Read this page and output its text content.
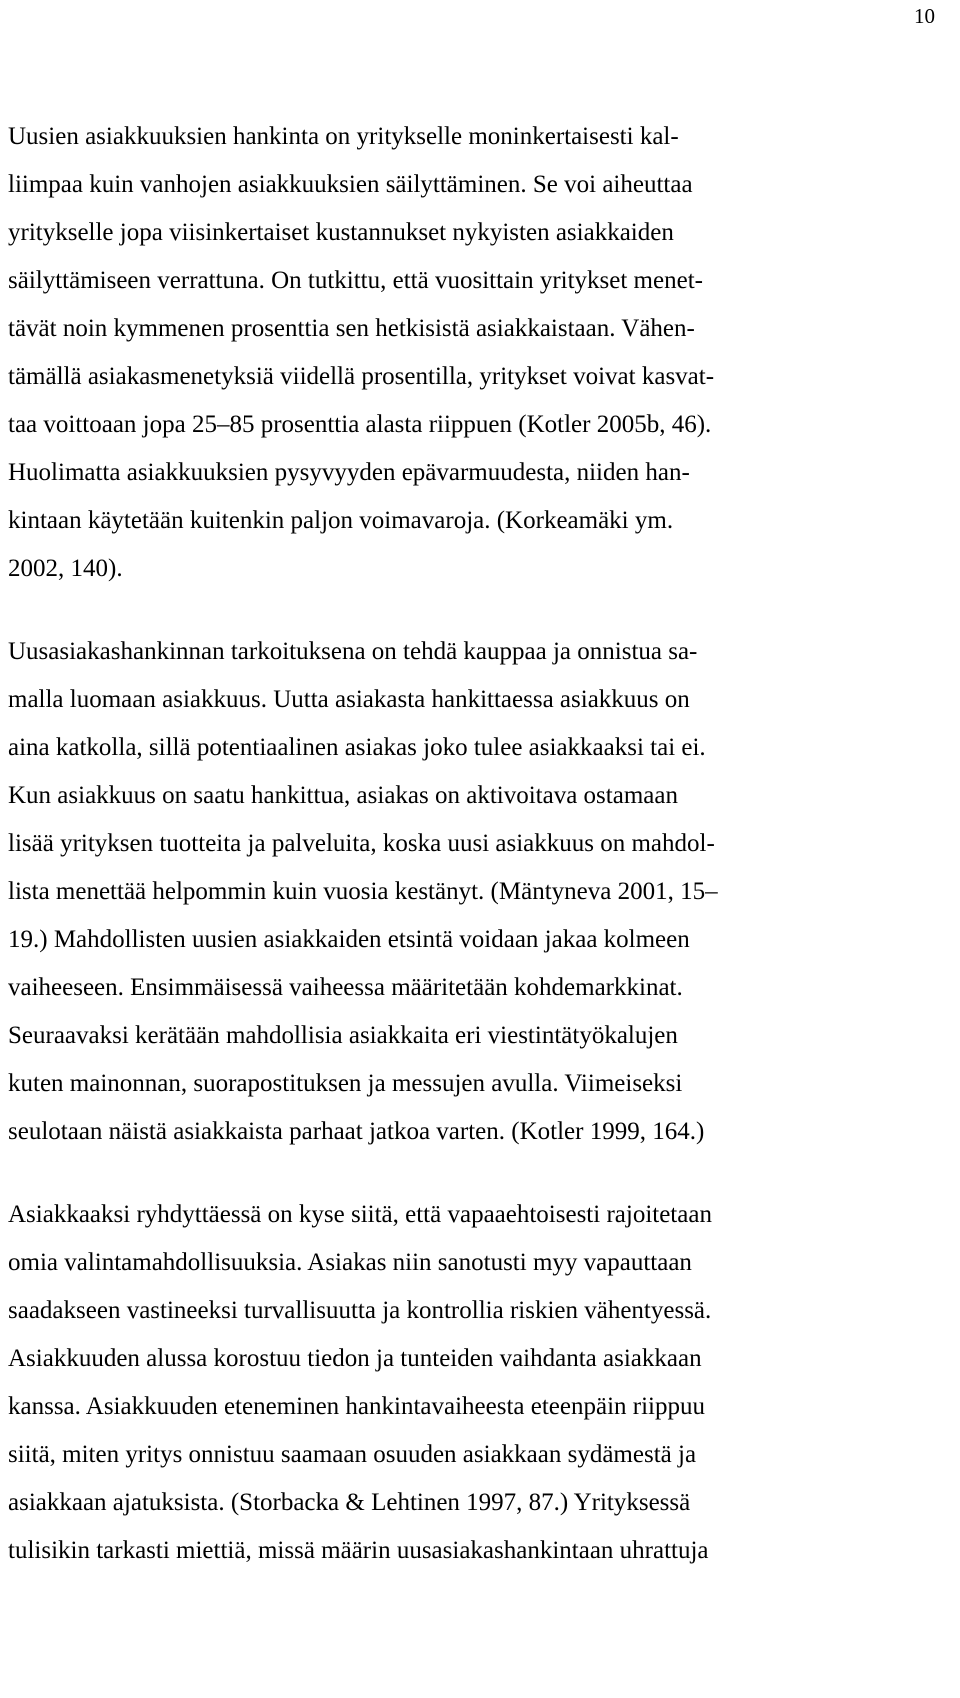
10
Uusien asiakkuuksien hankinta on yritykselle moninkertaisesti kal-
liimpaa kuin vanhojen asiakkuuksien säilyttäminen. Se voi aiheuttaa
yritykselle jopa viisinkertaiset kustannukset nykyisten asiakkaiden
säilyttämiseen verrattuna. On tutkittu, että vuosittain yritykset menet-
tävät noin kymmenen prosenttia sen hetkisistä asiakkaistaan. Vähen-
tämällä asiakasmenetyksiä viidellä prosentilla, yritykset voivat kasvat-
taa voittoaan jopa 25–85 prosenttia alasta riippuen (Kotler 2005b, 46).
Huolimatta asiakkuuksien pysyvyyden epävarmuudesta, niiden han-
kintaan käytetään kuitenkin paljon voimavaroja. (Korkeamäki ym.
2002, 140).
Uusasiakashankinnan tarkoituksena on tehdä kauppaa ja onnistua sa-
malla luomaan asiakkuus. Uutta asiakasta hankittaessa asiakkuus on
aina katkolla, sillä potentiaalinen asiakas joko tulee asiakkaaksi tai ei.
Kun asiakkuus on saatu hankittua, asiakas on aktivoitava ostamaan
lisää yrityksen tuotteita ja palveluita, koska uusi asiakkuus on mahdol-
lista menettää helpommin kuin vuosia kestänyt. (Mäntyneva 2001, 15–
19.) Mahdollisten uusien asiakkaiden etsintä voidaan jakaa kolmeen
vaiheeseen. Ensimmäisessä vaiheessa määritetään kohdemarkkinat.
Seuraavaksi kerätään mahdollisia asiakkaita eri viestintätyökalujen
kuten mainonnan, suorapostituksen ja messujen avulla. Viimeiseksi
seulotaan näistä asiakkaista parhaat jatkoa varten. (Kotler 1999, 164.)
Asiakkaaksi ryhdyttäessä on kyse siitä, että vapaaehtoisesti rajoitetaan
omia valintamahdollisuuksia. Asiakas niin sanotusti myy vapauttaan
saadakseen vastineeksi turvallisuutta ja kontrollia riskien vähentyessä.
Asiakkuuden alussa korostuu tiedon ja tunteiden vaihdanta asiakkaan
kanssa. Asiakkuuden eteneminen hankintavaiheesta eteenpäin riippuu
siitä, miten yritys onnistuu saamaan osuuden asiakkaan sydämestä ja
asiakkaan ajatuksista. (Storbacka & Lehtinen 1997, 87.) Yrityksessä
tulisikin tarkasti miettiä, missä määrin uusasiakashankintaan uhrattuja
